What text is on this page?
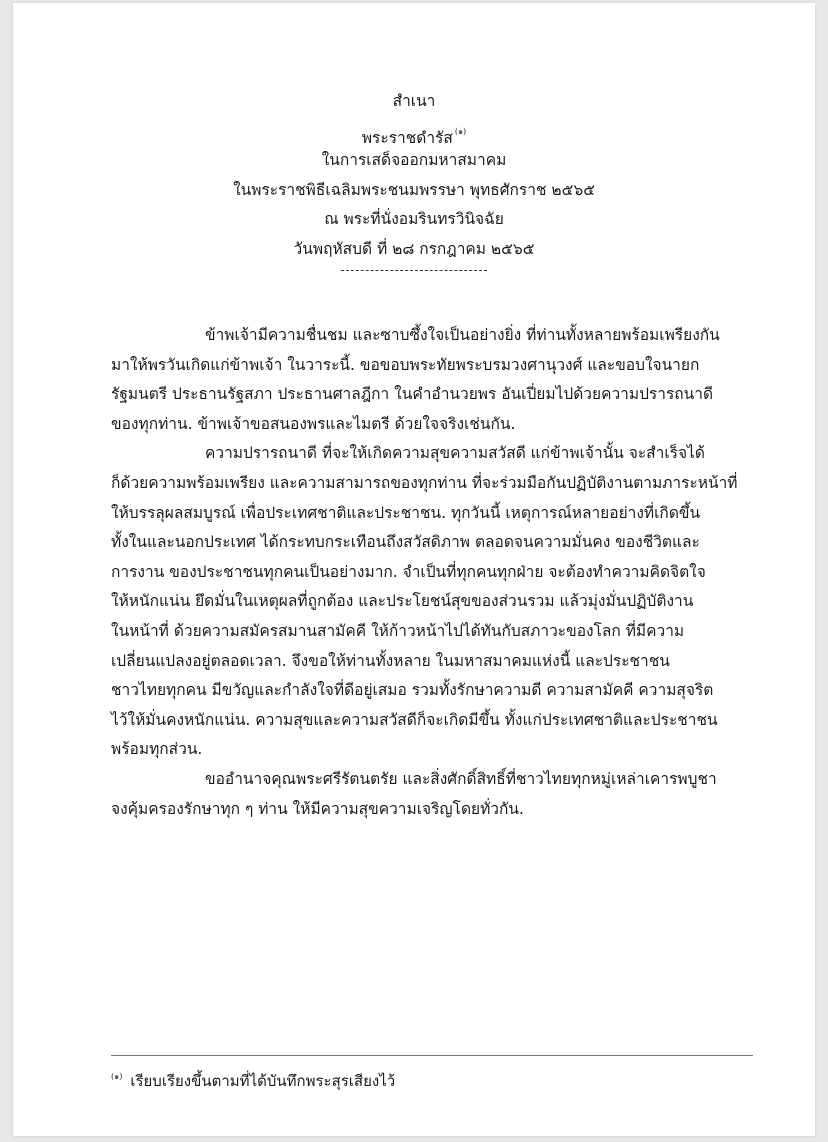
สำเนา
พระราชดำรัส $^{(๑)}$
ในการเสด็จออกมหาสมาคม
ในพระราชพิธีเฉลิมพระชนมพรรษา พุทธศักราช ๒๕๖๕
ณ พระที่นั่งอมรินทรวินิจฉัย
วันพฤหัสบดี ที่ ๒๘ กรกฎาคม ๒๕๖๕
ข้าพเจ้ามีความชื่นชม และซาบซึ้งใจเป็นอย่างยิ่ง ที่ท่านทั้งหลายพร้อมเพรียงกัน
มาให้พรวันเกิดแก่ข้าพเจ้า ในวาระนี้. ขอขอบพระทัยพระบรมวงศานุวงศ์ และขอบใจนายก
รัฐมนตรี ประธานรัฐสภา ประธานศาลฎีกา ในคำอำนวยพร อันเปี่ยมไปด้วยความปรารถนาดี
ของทุกท่าน. ข้าพเจ้าขอสนองพรและไมตรี ด้วยใจจริงเช่นกัน.
ความปรารถนาดี ที่จะให้เกิดความสุขความสวัสดี แก่ข้าพเจ้านั้น จะสำเร็จได้
ก็ด้วยความพร้อมเพรียง และความสามารถของทุกท่าน ที่จะร่วมมือกันปฏิบัติงานตามภาระหน้าที่
ให้บรรลุผลสมบูรณ์ เพื่อประเทศชาติและประชาชน. ทุกวันนี้ เหตุการณ์หลายอย่างที่เกิดขึ้น
ทั้งในและนอกประเทศ ได้กระทบกระเทือนถึงสวัสดิภาพ ตลอดจนความมั่นคง ของชีวิตและ
การงาน ของประชาชนทุกคนเป็นอย่างมาก. จำเป็นที่ทุกคนทุกฝ่าย จะต้องทำความคิดจิตใจ
ให้หนักแน่น ยึดมั่นในเหตุผลที่ถูกต้อง และประโยชน์สุขของส่วนรวม แล้วมุ่งมั่นปฏิบัติงาน
ในหน้าที่ ด้วยความสมัครสมานสามัคคี ให้ก้าวหน้าไปได้ทันกับสภาวะของโลก ที่มีความ
เปลี่ยนแปลงอยู่ตลอดเวลา. จึงขอให้ท่านทั้งหลาย ในมหาสมาคมแห่งนี้ และประชาชน
ชาวไทยทุกคน มีขวัญและกำลังใจที่ดีอยู่เสมอ รวมทั้งรักษาความดี ความสามัคคี ความสุจริต
ไว้ให้มั่นคงหนักแน่น. ความสุขและความสวัสดีก็จะเกิดมีขึ้น ทั้งแก่ประเทศชาติและประชาชน
พร้อมทุกส่วน.
ขออำนาจคุณพระศรีรัตนตรัย และสิ่งศักดิ์สิทธิ์ที่ชาวไทยทุกหมู่เหล่าเคารพบูชา
จงคุ้มครองรักษาทุก ๆ ท่าน ให้มีความสุขความเจริญโดยทั่วกัน.
$^{(๑)}$ เรียบเรียงขึ้นตามที่ได้บันทึกพระสุรเสียงไว้
